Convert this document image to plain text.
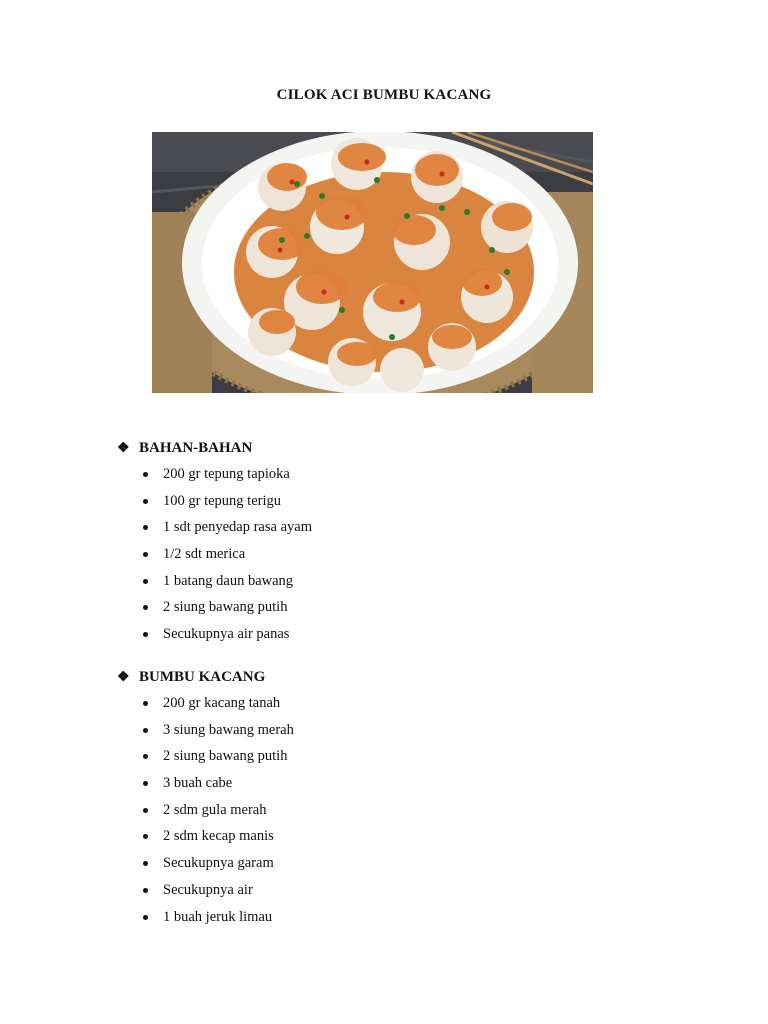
CILOK ACI BUMBU KACANG
❖ BAHAN-BAHAN
200 gr tepung tapioka
100 gr tepung terigu
1 sdt penyedap rasa ayam
1/2 sdt merica
1 batang daun bawang
2 siung bawang putih
Secukupnya air panas
❖ BUMBU KACANG
200 gr kacang tanah
3 siung bawang merah
2 siung bawang putih
3 buah cabe
2 sdm gula merah
2 sdm kecap manis
Secukupnya garam
Secukupnya air
1 buah jeruk limau
